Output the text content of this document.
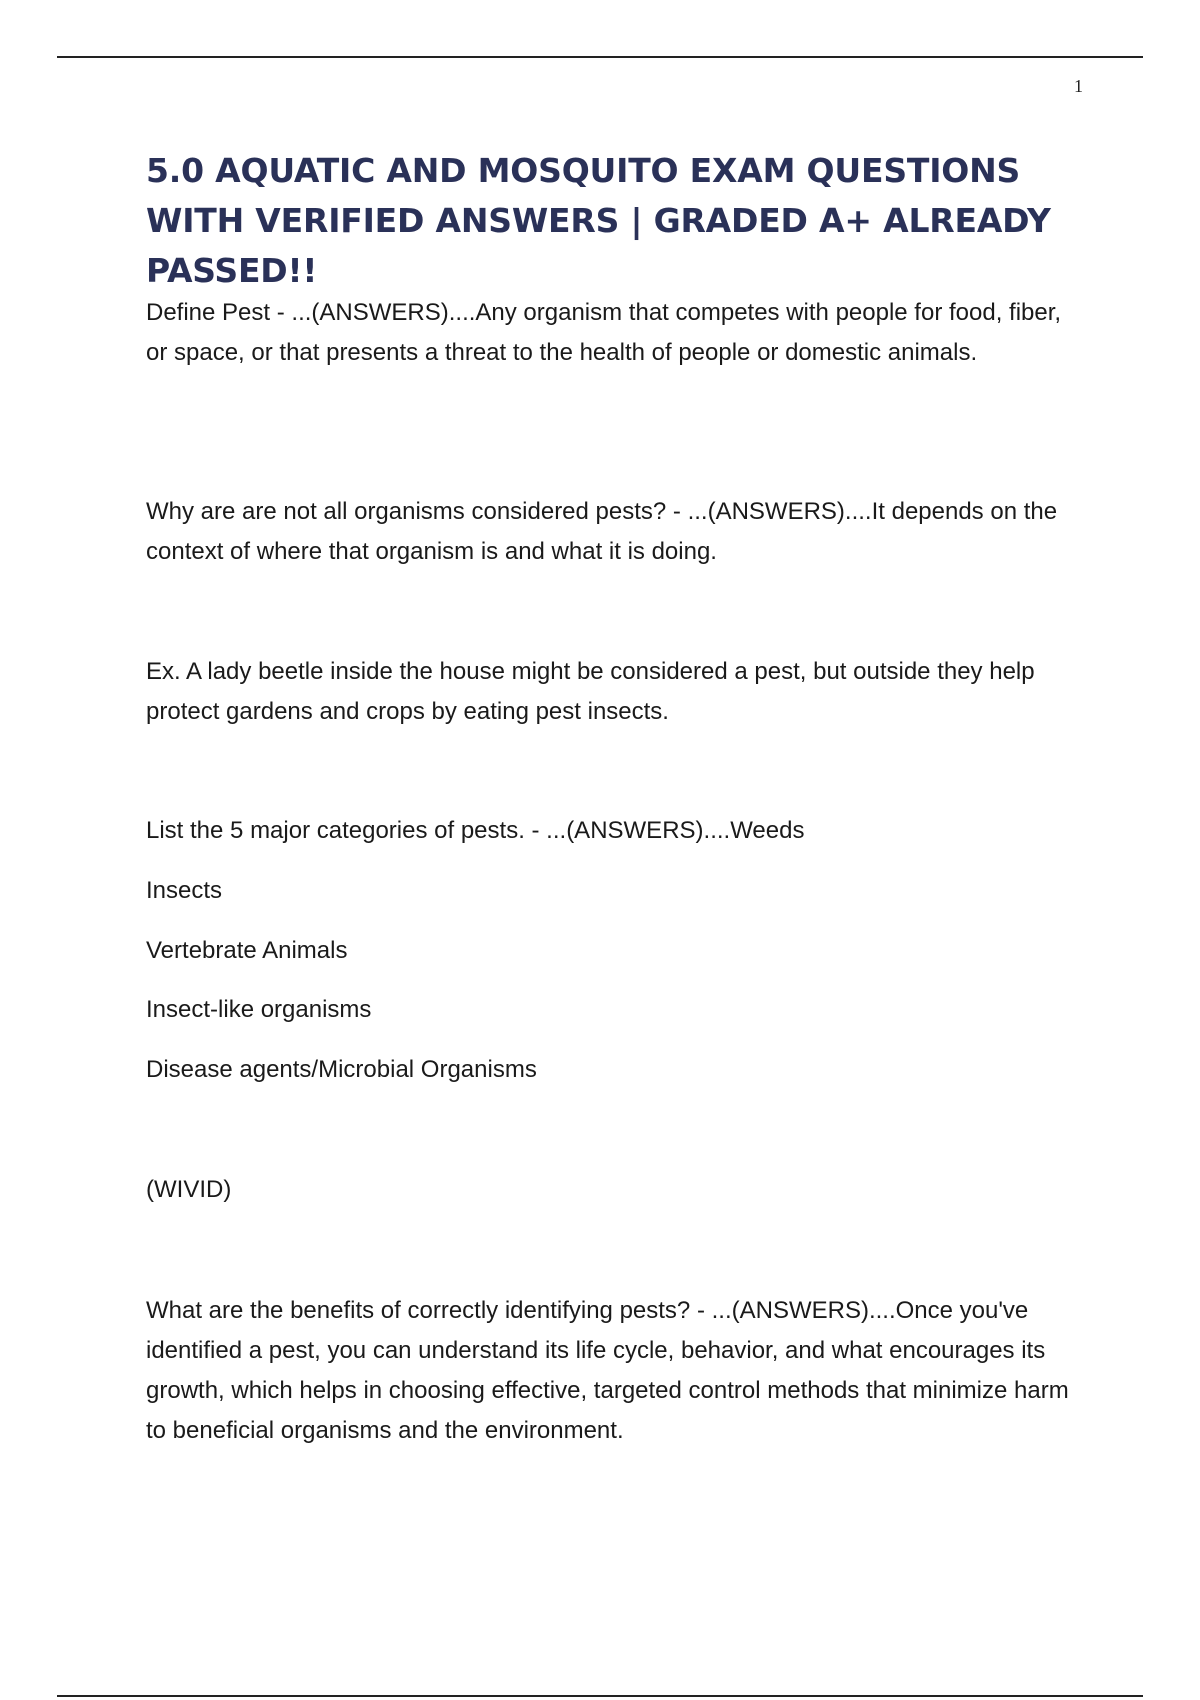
1
5.0 AQUATIC AND MOSQUITO EXAM QUESTIONS WITH VERIFIED ANSWERS | GRADED A+ ALREADY PASSED!!

Define Pest - ...(ANSWERS)....Any organism that competes with people for food, fiber, or space, or that presents a threat to the health of people or domestic animals.

Why are are not all organisms considered pests? - ...(ANSWERS)....It depends on the context of where that organism is and what it is doing.

Ex. A lady beetle inside the house might be considered a pest, but outside they help protect gardens and crops by eating pest insects.

List the 5 major categories of pests. - ...(ANSWERS)....Weeds

Insects

Vertebrate Animals

Insect-like organisms

Disease agents/Microbial Organisms

(WIVID)

What are the benefits of correctly identifying pests? - ...(ANSWERS)....Once you've identified a pest, you can understand its life cycle, behavior, and what encourages its growth, which helps in choosing effective, targeted control methods that minimize harm to beneficial organisms and the environment.
